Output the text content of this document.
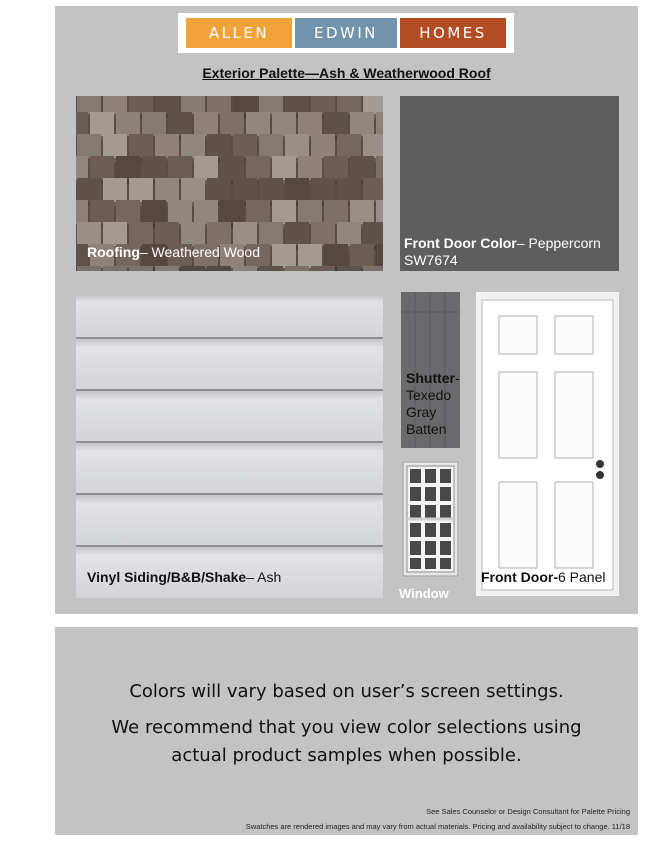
ALLEN	EDWIN	HOMES
Exterior Palette—Ash & Weatherwood Roof
Roofing– Weathered Wood
Front Door Color– Peppercorn
SW7674
Vinyl Siding/B&B/Shake– Ash
Shutter-
Texedo
Gray
Batten
Window
Front Door-6 Panel
Colors will vary based on user’s screen settings.
We recommend that you view color selections using
actual product samples when possible.
See Sales Counselor or Design Consultant for Palette Pricing
Swatches are rendered images and may vary from actual materials. Pricing and availability subject to change. 11/18
